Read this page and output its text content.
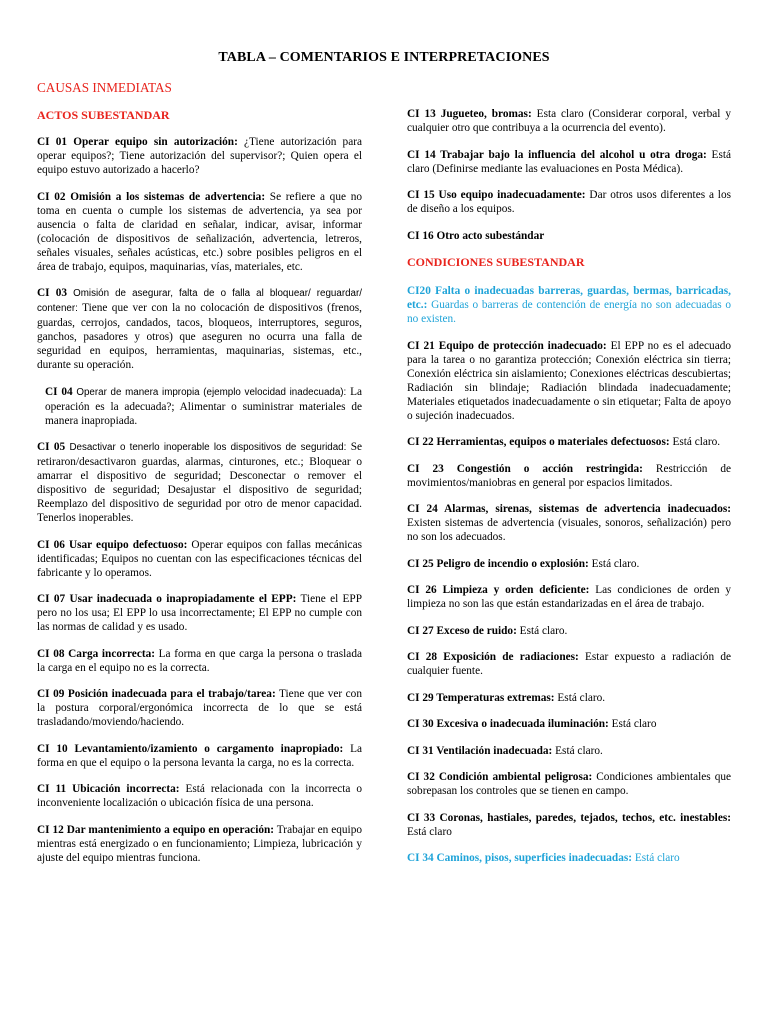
TABLA – COMENTARIOS E INTERPRETACIONES
CAUSAS INMEDIATAS
ACTOS SUBESTANDAR

CI 01 Operar equipo sin autorización: ¿Tiene autorización para operar equipos?; Tiene autorización del supervisor?; Quien opera el equipo estuvo autorizado a hacerlo?

CI 02 Omisión a los sistemas de advertencia: Se refiere a que no toma en cuenta o cumple los sistemas de advertencia, ya sea por ausencia o falta de claridad en señalar, indicar, avisar, informar (colocación de dispositivos de señalización, advertencia, letreros, señales visuales, señales acústicas, etc.) sobre posibles peligros en el área de trabajo, equipos, maquinarias, vías, materiales, etc.

CI 03 Omisión de asegurar, falta de o falla al bloquear/ reguardar/ contener: Tiene que ver con la no colocación de dispositivos (frenos, guardas, cerrojos, candados, tacos, bloqueos, interruptores, seguros, ganchos, pasadores y otros) que aseguren no ocurra una falla de seguridad en equipos, herramientas, maquinarias, sistemas, etc., durante su operación.

CI 04 Operar de manera impropia (ejemplo velocidad inadecuada): La operación es la adecuada?; Alimentar o suministrar materiales de manera inapropiada.

CI 05 Desactivar o tenerlo inoperable los dispositivos de seguridad: Se retiraron/desactivaron guardas, alarmas, cinturones, etc.; Bloquear o amarrar el dispositivo de seguridad; Desconectar o remover el dispositivo de seguridad; Desajustar el dispositivo de seguridad; Reemplazo del dispositivo de seguridad por otro de menor capacidad. Tenerlos inoperables.

CI 06 Usar equipo defectuoso: Operar equipos con fallas mecánicas identificadas; Equipos no cuentan con las especificaciones técnicas del fabricante y lo operamos.

CI 07 Usar inadecuada o inapropiadamente el EPP: Tiene el EPP pero no los usa; El EPP lo usa incorrectamente; El EPP no cumple con las normas de calidad y es usado.

CI 08 Carga incorrecta: La forma en que carga la persona o traslada la carga en el equipo no es la correcta.

CI 09 Posición inadecuada para el trabajo/tarea: Tiene que ver con la postura corporal/ergonómica incorrecta de lo que se está trasladando/moviendo/haciendo.

CI 10 Levantamiento/izamiento o cargamento inapropiado: La forma en que el equipo o la persona levanta la carga, no es la correcta.

CI 11 Ubicación incorrecta: Está relacionada con la incorrecta o inconveniente localización o ubicación física de una persona.

CI 12 Dar mantenimiento a equipo en operación: Trabajar en equipo mientras está energizado o en funcionamiento; Limpieza, lubricación y ajuste del equipo mientras funciona.

CI 13 Jugueteo, bromas: Esta claro (Considerar corporal, verbal y cualquier otro que contribuya a la ocurrencia del evento).

CI 14 Trabajar bajo la influencia del alcohol u otra droga: Está claro (Definirse mediante las evaluaciones en Posta Médica).

CI 15 Uso equipo inadecuadamente: Dar otros usos diferentes a los de diseño a los equipos.

CI 16 Otro acto subestándar

CONDICIONES SUBESTANDAR

CI20 Falta o inadecuadas barreras, guardas, bermas, barricadas, etc.: Guardas o barreras de contención de energía no son adecuadas o no existen.

CI 21 Equipo de protección inadecuado: El EPP no es el adecuado para la tarea o no garantiza protección; Conexión eléctrica sin tierra; Conexión eléctrica sin aislamiento; Conexiones eléctricas descubiertas; Radiación sin blindaje; Radiación blindada inadecuadamente; Materiales etiquetados inadecuadamente o sin etiquetar; Falta de apoyo o sujeción inadecuados.

CI 22 Herramientas, equipos o materiales defectuosos: Está claro.

CI 23 Congestión o acción restringida: Restricción de movimientos/maniobras en general por espacios limitados.

CI 24 Alarmas, sirenas, sistemas de advertencia inadecuados: Existen sistemas de advertencia (visuales, sonoros, señalización) pero no son los adecuados.

CI 25 Peligro de incendio o explosión: Está claro.

CI 26 Limpieza y orden deficiente: Las condiciones de orden y limpieza no son las que están estandarizadas en el área de trabajo.

CI 27 Exceso de ruido: Está claro.

CI 28 Exposición de radiaciones: Estar expuesto a radiación de cualquier fuente.

CI 29 Temperaturas extremas: Está claro.

CI 30 Excesiva o inadecuada iluminación: Está claro

CI 31 Ventilación inadecuada: Está claro.

CI 32 Condición ambiental peligrosa: Condiciones ambientales que sobrepasan los controles que se tienen en campo.

CI 33 Coronas, hastiales, paredes, tejados, techos, etc. inestables: Está claro

CI 34 Caminos, pisos, superficies inadecuadas: Está claro
